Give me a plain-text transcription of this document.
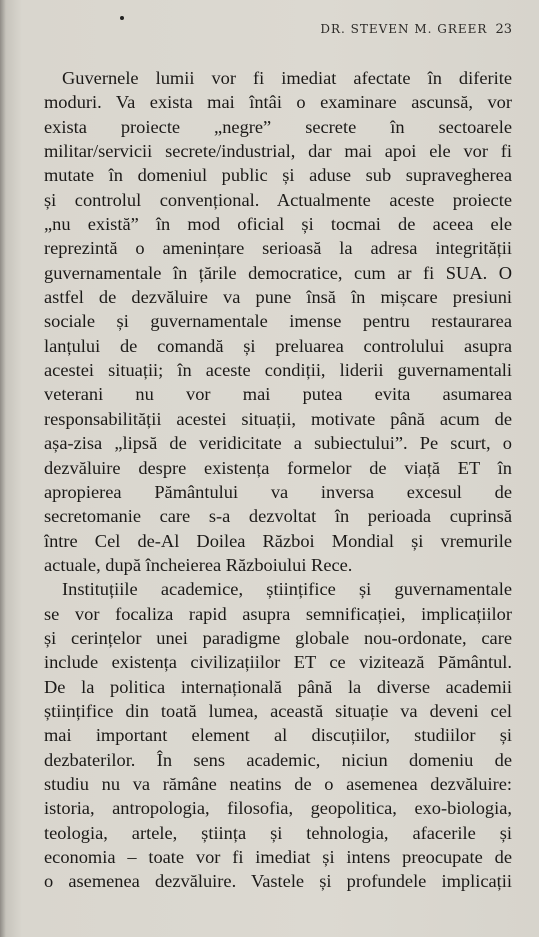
DR. STEVEN M. GREER 23
Guvernele lumii vor fi imediat afectate în diferite
moduri. Va exista mai întâi o examinare ascunsă, vor
exista proiecte „negre” secrete în sectoarele
militar/servicii secrete/industrial, dar mai apoi ele vor fi
mutate în domeniul public și aduse sub supravegherea
și controlul convențional. Actualmente aceste proiecte
„nu există” în mod oficial și tocmai de aceea ele
reprezintă o amenințare serioasă la adresa integrității
guvernamentale în țările democratice, cum ar fi SUA. O
astfel de dezvăluire va pune însă în mișcare presiuni
sociale și guvernamentale imense pentru restaurarea
lanțului de comandă și preluarea controlului asupra
acestei situații; în aceste condiții, liderii guvernamentali
veterani nu vor mai putea evita asumarea
responsabilității acestei situații, motivate până acum de
așa-zisa „lipsă de veridicitate a subiectului”. Pe scurt, o
dezvăluire despre existența formelor de viață ET în
apropierea Pământului va inversa excesul de
secretomanie care s-a dezvoltat în perioada cuprinsă
între Cel de-Al Doilea Război Mondial și vremurile
actuale, după încheierea Războiului Rece.
Instituțiile academice, științifice și guvernamentale
se vor focaliza rapid asupra semnificației, implicațiilor
și cerințelor unei paradigme globale nou-ordonate, care
include existența civilizațiilor ET ce vizitează Pământul.
De la politica internațională până la diverse academii
științifice din toată lumea, această situație va deveni cel
mai important element al discuțiilor, studiilor și
dezbaterilor. În sens academic, niciun domeniu de
studiu nu va rămâne neatins de o asemenea dezvăluire:
istoria, antropologia, filosofia, geopolitica, exo-biologia,
teologia, artele, știința și tehnologia, afacerile și
economia – toate vor fi imediat și intens preocupate de
o asemenea dezvăluire. Vastele și profundele implicații
